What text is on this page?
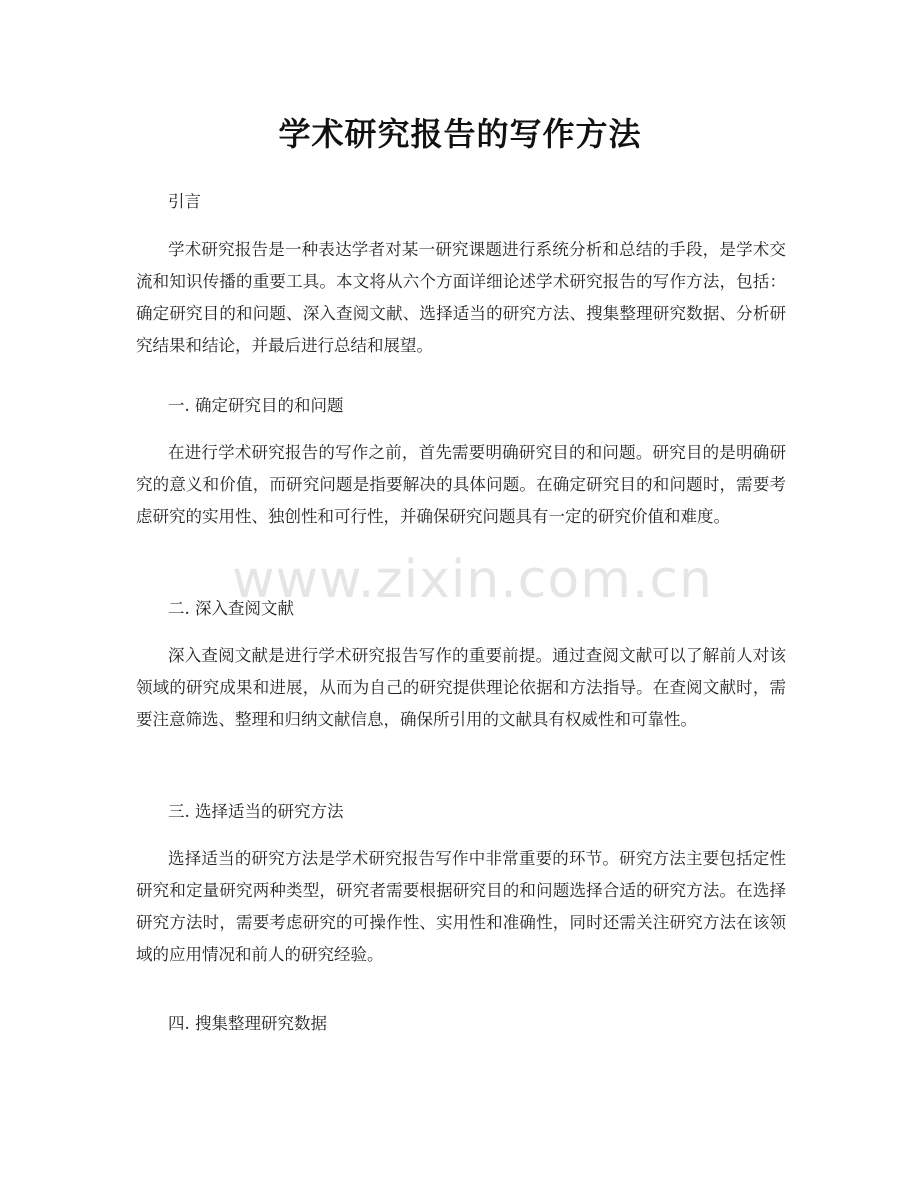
学术研究报告的写作方法

引言

学术研究报告是一种表达学者对某一研究课题进行系统分析和总结的手段，是学术交流和知识传播的重要工具。本文将从六个方面详细论述学术研究报告的写作方法，包括：确定研究目的和问题、深入查阅文献、选择适当的研究方法、搜集整理研究数据、分析研究结果和结论，并最后进行总结和展望。

一. 确定研究目的和问题

在进行学术研究报告的写作之前，首先需要明确研究目的和问题。研究目的是明确研究的意义和价值，而研究问题是指要解决的具体问题。在确定研究目的和问题时，需要考虑研究的实用性、独创性和可行性，并确保研究问题具有一定的研究价值和难度。

二. 深入查阅文献

深入查阅文献是进行学术研究报告写作的重要前提。通过查阅文献可以了解前人对该领域的研究成果和进展，从而为自己的研究提供理论依据和方法指导。在查阅文献时，需要注意筛选、整理和归纳文献信息，确保所引用的文献具有权威性和可靠性。

三. 选择适当的研究方法

选择适当的研究方法是学术研究报告写作中非常重要的环节。研究方法主要包括定性研究和定量研究两种类型，研究者需要根据研究目的和问题选择合适的研究方法。在选择研究方法时，需要考虑研究的可操作性、实用性和准确性，同时还需关注研究方法在该领域的应用情况和前人的研究经验。

四. 搜集整理研究数据

www.zixin.com.cn
